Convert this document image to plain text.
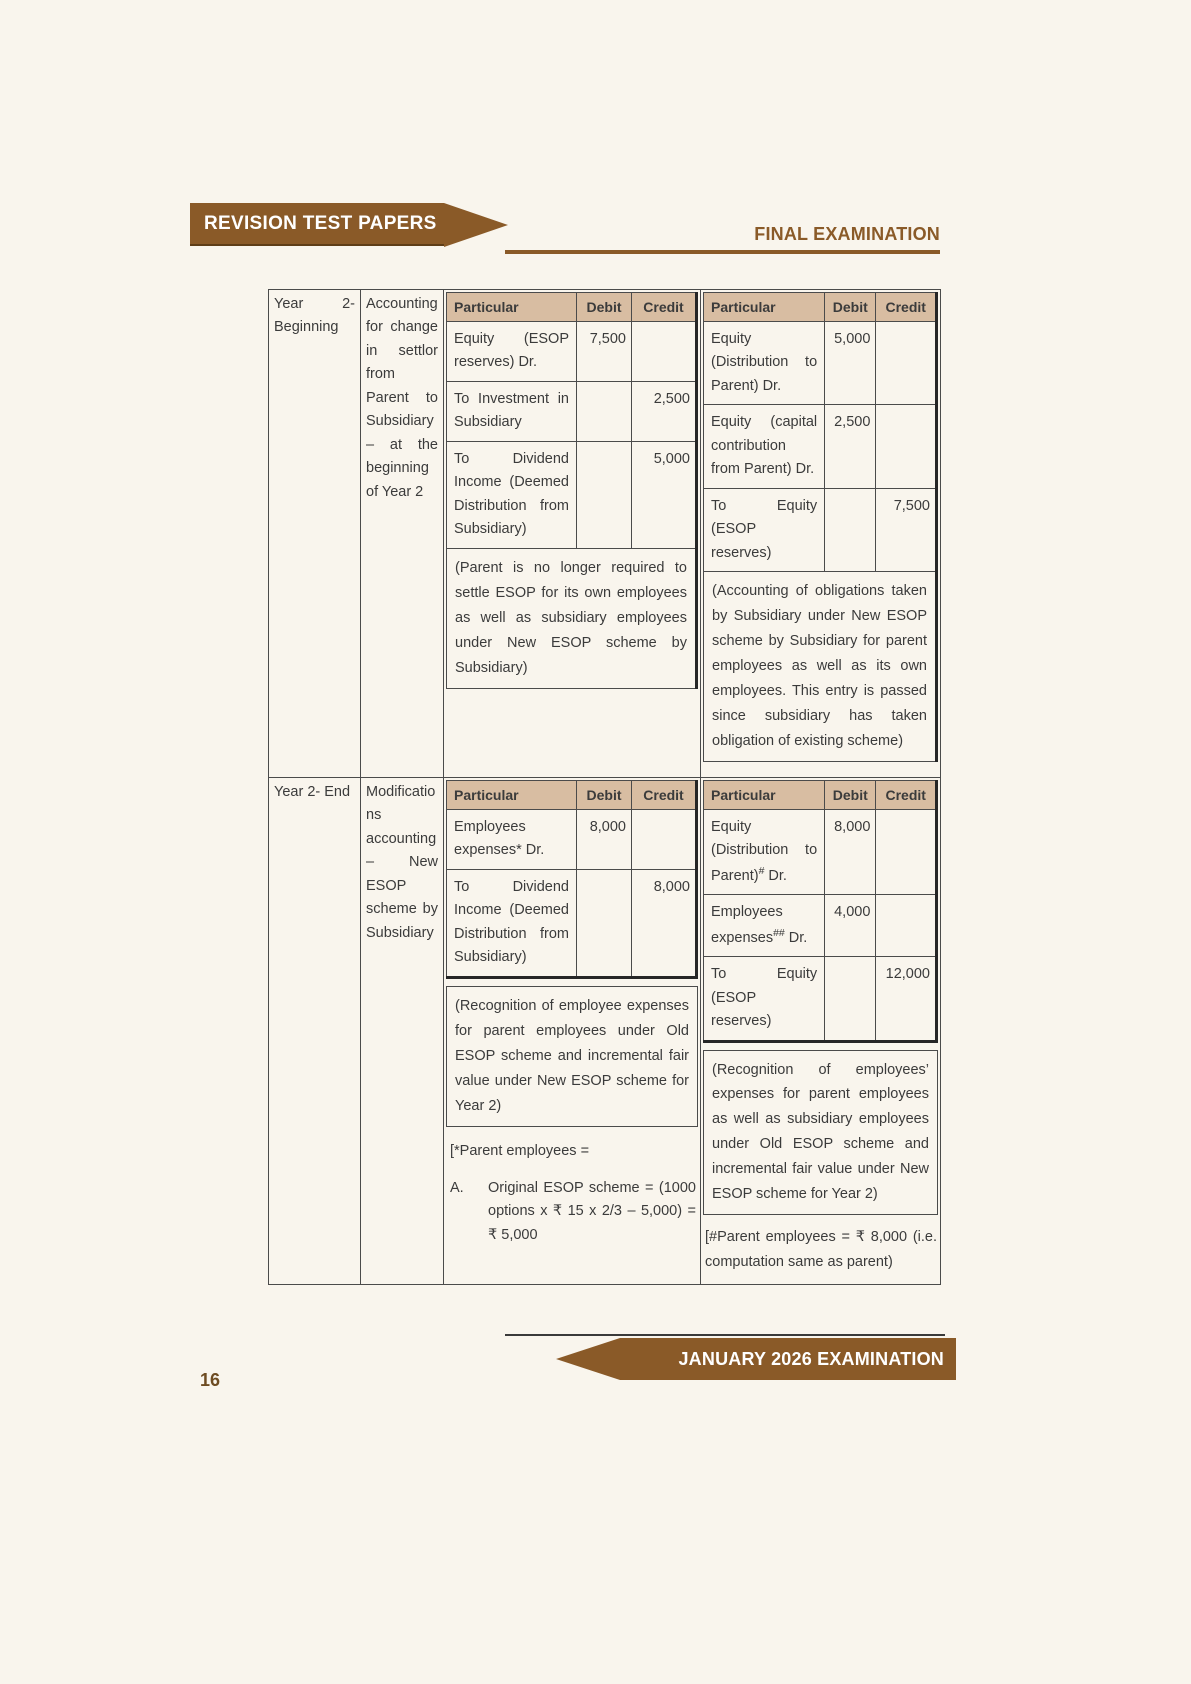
REVISION TEST PAPERS
FINAL EXAMINATION
Year 2-Beginning	Accounting for change in settlor from Parent to Subsidiary – at the beginning of Year 2	
Particular	Debit	Credit
Equity (ESOP reserves) Dr.	7,500	
To Investment in Subsidiary		2,500
To Dividend Income (Deemed Distribution from Subsidiary)		5,000
(Parent is no longer required to settle ESOP for its own employees as well as subsidiary employees under New ESOP scheme by Subsidiary)

Particular	Debit	Credit
Equity (Distribution to Parent) Dr.	5,000	
Equity (capital contribution from Parent) Dr.	2,500	
To Equity (ESOP reserves)		7,500
(Accounting of obligations taken by Subsidiary under New ESOP scheme by Subsidiary for parent employees as well as its own employees. This entry is passed since subsidiary has taken obligation of existing scheme)

Year 2- End	Modifications accounting – New ESOP scheme by Subsidiary	
Particular	Debit	Credit
Employees expenses* Dr.	8,000	
To Dividend Income (Deemed Distribution from Subsidiary)		8,000
(Recognition of employee expenses for parent employees under Old ESOP scheme and incremental fair value under New ESOP scheme for Year 2)
[*Parent employees =
A.	Original ESOP scheme = (1000 options x ₹ 15 x 2/3 – 5,000) = ₹ 5,000

Particular	Debit	Credit
Equity (Distribution to Parent)# Dr.	8,000	
Employees expenses## Dr.	4,000	
To Equity (ESOP reserves)		12,000
(Recognition of employees’ expenses for parent employees as well as subsidiary employees under Old ESOP scheme and incremental fair value under New ESOP scheme for Year 2)
[#Parent employees = ₹ 8,000 (i.e. computation same as parent)
JANUARY 2026 EXAMINATION
16
